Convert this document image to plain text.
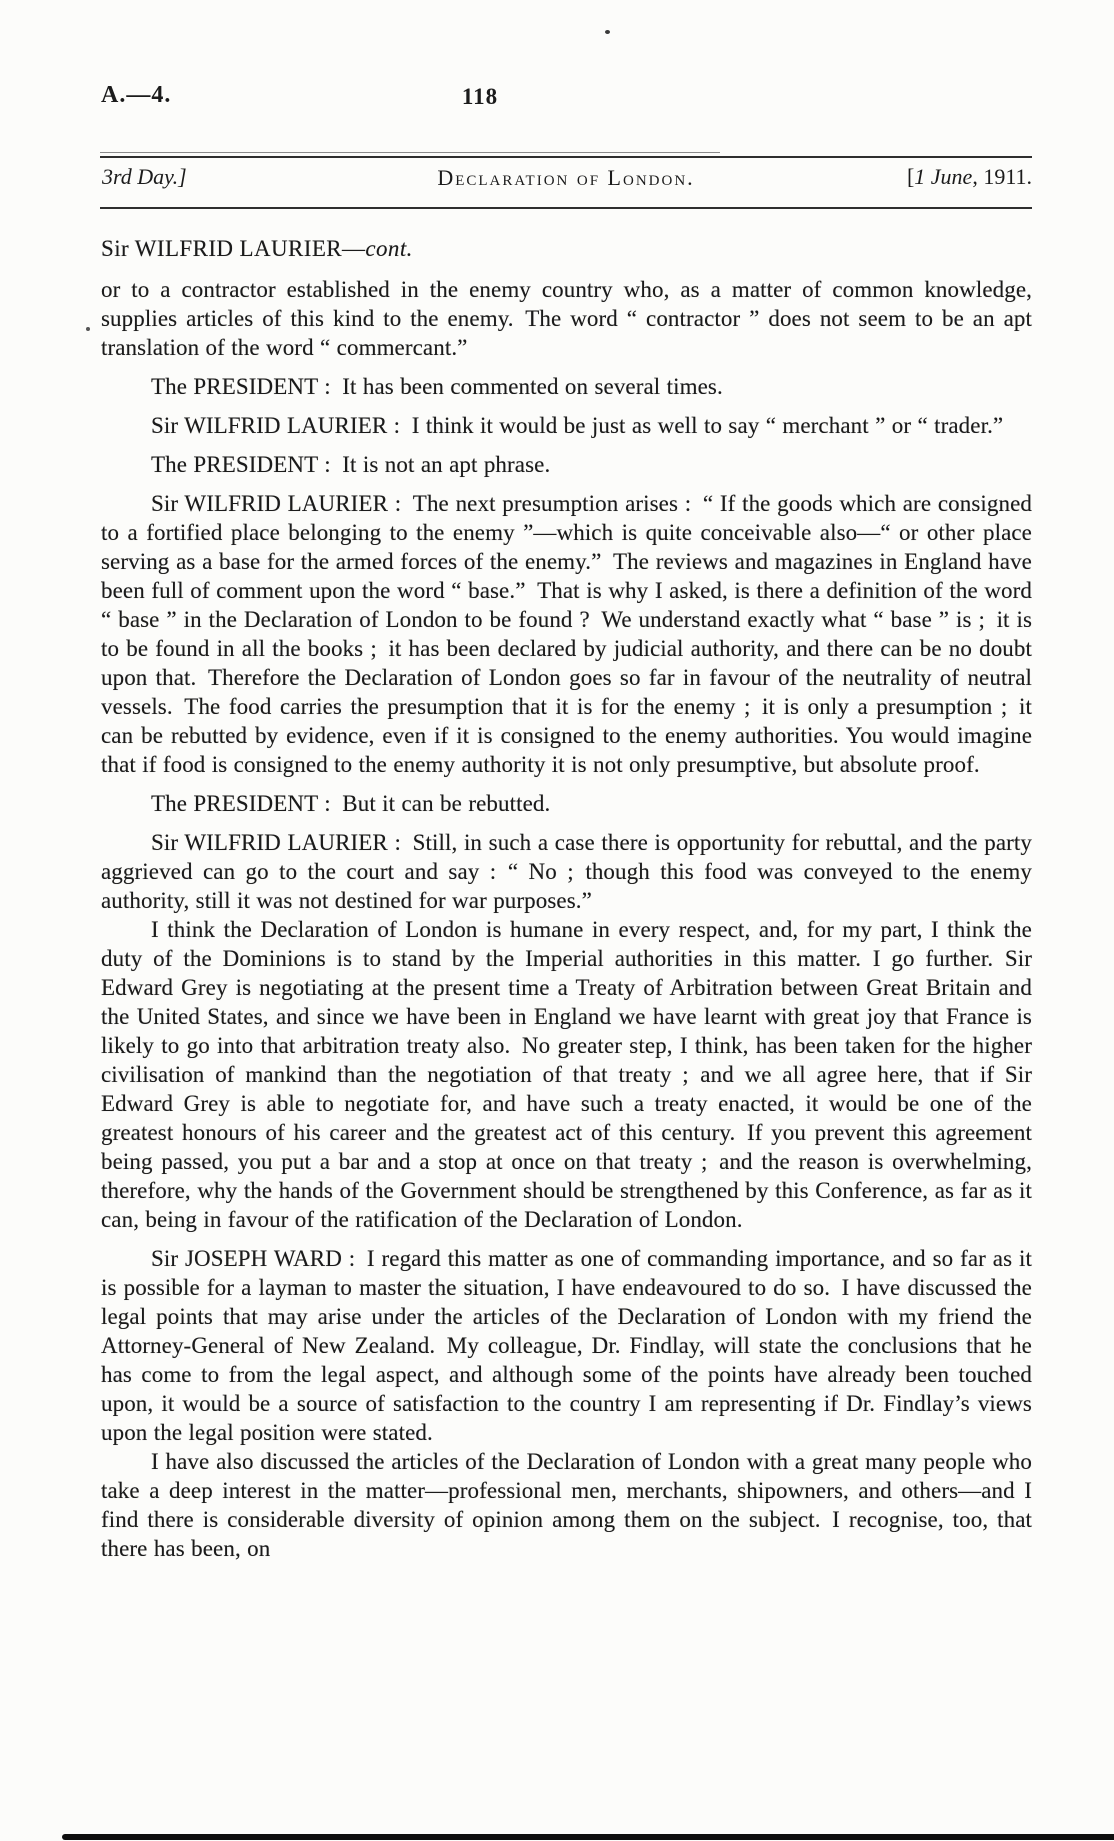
A.—4.	118
3rd Day.]	Declaration of London.	[1 June, 1911.
Sir WILFRID LAURIER—cont.

or to a contractor established in the enemy country who, as a matter of common knowledge, supplies articles of this kind to the enemy. The word “ contractor ” does not seem to be an apt translation of the word “ commercant.”

The PRESIDENT : It has been commented on several times.

Sir WILFRID LAURIER : I think it would be just as well to say “ merchant ” or “ trader.”

The PRESIDENT : It is not an apt phrase.

Sir WILFRID LAURIER : The next presumption arises : “ If the goods which are consigned to a fortified place belonging to the enemy ”—which is quite conceivable also—“ or other place serving as a base for the armed forces of the enemy.” The reviews and magazines in England have been full of comment upon the word “ base.” That is why I asked, is there a definition of the word “ base ” in the Declaration of London to be found ? We understand exactly what “ base ” is ; it is to be found in all the books ; it has been declared by judicial authority, and there can be no doubt upon that. Therefore the Declaration of London goes so far in favour of the neutrality of neutral vessels. The food carries the presumption that it is for the enemy ; it is only a presumption ; it can be rebutted by evidence, even if it is consigned to the enemy authorities. You would imagine that if food is consigned to the enemy authority it is not only presumptive, but absolute proof.

The PRESIDENT : But it can be rebutted.

Sir WILFRID LAURIER : Still, in such a case there is opportunity for rebuttal, and the party aggrieved can go to the court and say : “ No ; though this food was conveyed to the enemy authority, still it was not destined for war purposes.”

I think the Declaration of London is humane in every respect, and, for my part, I think the duty of the Dominions is to stand by the Imperial authorities in this matter. I go further. Sir Edward Grey is negotiating at the present time a Treaty of Arbitration between Great Britain and the United States, and since we have been in England we have learnt with great joy that France is likely to go into that arbitration treaty also. No greater step, I think, has been taken for the higher civilisation of mankind than the negotiation of that treaty ; and we all agree here, that if Sir Edward Grey is able to negotiate for, and have such a treaty enacted, it would be one of the greatest honours of his career and the greatest act of this century. If you prevent this agreement being passed, you put a bar and a stop at once on that treaty ; and the reason is overwhelming, therefore, why the hands of the Government should be strengthened by this Conference, as far as it can, being in favour of the ratification of the Declaration of London.

Sir JOSEPH WARD : I regard this matter as one of commanding importance, and so far as it is possible for a layman to master the situation, I have endeavoured to do so. I have discussed the legal points that may arise under the articles of the Declaration of London with my friend the Attorney-General of New Zealand. My colleague, Dr. Findlay, will state the conclusions that he has come to from the legal aspect, and although some of the points have already been touched upon, it would be a source of satisfaction to the country I am representing if Dr. Findlay’s views upon the legal position were stated.

I have also discussed the articles of the Declaration of London with a great many people who take a deep interest in the matter—professional men, merchants, shipowners, and others—and I find there is considerable diversity of opinion among them on the subject. I recognise, too, that there has been, on
